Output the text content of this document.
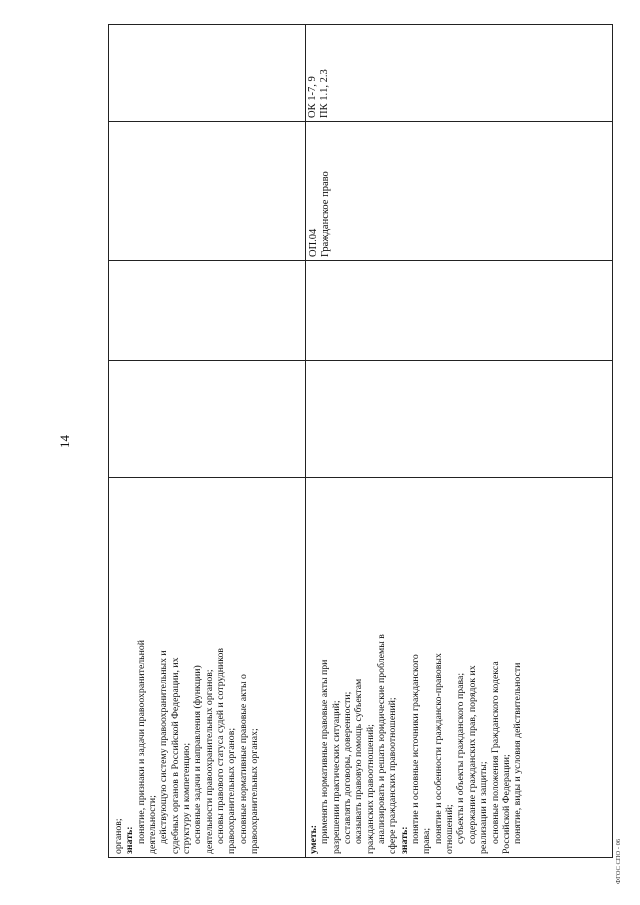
14
ФГОС СПО - 06
органов; знать: понятие, признаки и задачи правоохранительной деятельности; действующую систему правоохранительных и судебных органов в Российской Федерации, их структуру и компетенцию; основные задачи и направления (функции) деятельности правоохранительных органов; основы правового статуса судей и сотрудников правоохранительных органов; основные нормативные правовые акты о правоохранительных органах;	уметь: применять нормативные правовые акты при разрешении практических ситуаций; составлять договоры, доверенности; оказывать правовую помощь субъектам гражданских правоотношений; анализировать и решать юридические проблемы в сфере гражданских правоотношений; знать: понятие и основные источники гражданского права; понятие и особенности гражданско-правовых отношений; субъекты и объекты гражданского права; содержание гражданских прав, порядок их реализации и защиты; основные положения Гражданского кодекса Российской Федерации; понятие, виды и условия действительности
ОП.04 Гражданское право
ОК 1-7, 9 ПК 1.1, 2.3
